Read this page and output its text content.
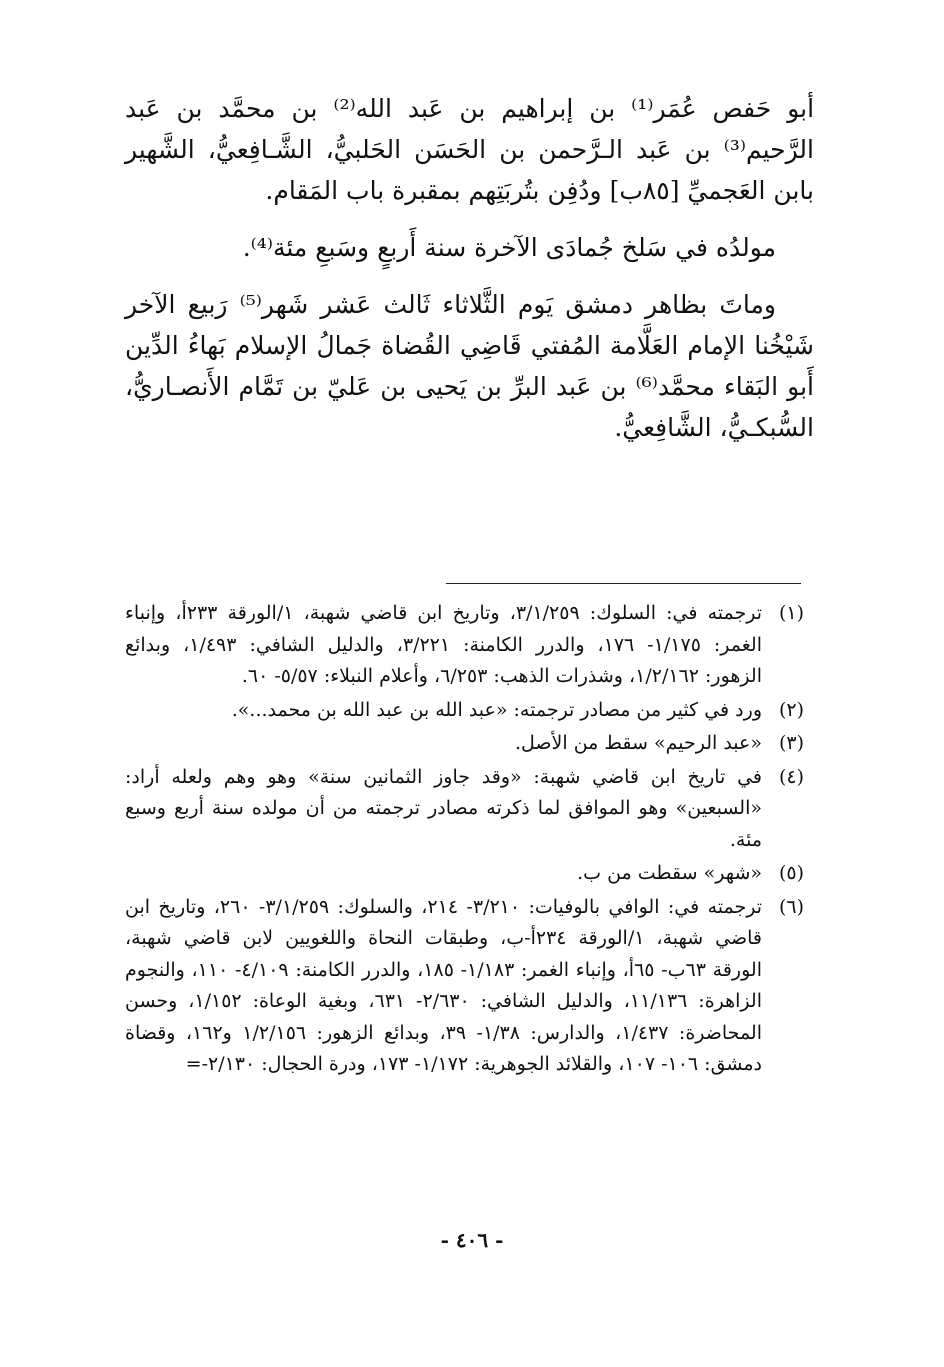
أبو حَفص عُمَر⁽¹⁾ بن إبراهيم بن عَبد الله⁽²⁾ بن محمَّد بن عَبد الرَّحيم⁽³⁾ بن عَبد الـرَّحمن بن الحَسَن الحَلبيُّ، الشَّـافِعيُّ، الشَّهير بابن العَجميِّ [٨٥ب] ودُفِن بتُربَتِهم بمقبرة باب المَقام.

مولدُه في سَلخ جُمادَى الآخرة سنة أَربعٍ وسَبعِ مئة⁽⁴⁾.

وماتَ بظاهر دمشق يَوم الثَّلاثاء ثَالث عَشر شَهر⁽⁵⁾ رَبيع الآخر شَيْخُنا الإمام العَلَّامة المُفتي قَاضِي القُضاة جَمالُ الإسلام بَهاءُ الدِّين أَبو البَقاء محمَّد⁽⁶⁾ بن عَبد البرِّ بن يَحيى بن عَليّ بن تَمَّام الأَنصـاريُّ، السُّبكـيُّ، الشَّافِعيُّ.

(١)ترجمته في: السلوك: ٣/١/٢٥٩، وتاريخ ابن قاضي شهبة، ١/الورقة ٢٣٣أ، وإنباء الغمر: ١/١٧٥- ١٧٦، والدرر الكامنة: ٣/٢٢١، والدليل الشافي: ١/٤٩٣، وبدائع الزهور: ١/٢/١٦٢، وشذرات الذهب: ٦/٢٥٣، وأعلام النبلاء: ٥/٥٧- ٦٠.
(٢)ورد في كثير من مصادر ترجمته: «عبد الله بن عبد الله بن محمد...».
(٣)«عبد الرحيم» سقط من الأصل.
(٤)في تاريخ ابن قاضي شهبة: «وقد جاوز الثمانين سنة» وهو وهم ولعله أراد: «السبعين» وهو الموافق لما ذكرته مصادر ترجمته من أن مولده سنة أربع وسبع مئة.
(٥)«شهر» سقطت من ب.
(٦)ترجمته في: الوافي بالوفيات: ٣/٢١٠- ٢١٤، والسلوك: ٣/١/٢٥٩- ٢٦٠، وتاريخ ابن قاضي شهبة، ١/الورقة ٢٣٤أ-ب، وطبقات النحاة واللغويين لابن قاضي شهبة، الورقة ٦٣ب- ٦٥أ، وإنباء الغمر: ١/١٨٣- ١٨٥، والدرر الكامنة: ٤/١٠٩- ١١٠، والنجوم الزاهرة: ١١/١٣٦، والدليل الشافي: ٢/٦٣٠- ٦٣١، وبغية الوعاة: ١/١٥٢، وحسن المحاضرة: ١/٤٣٧، والدارس: ١/٣٨- ٣٩، وبدائع الزهور: ١/٢/١٥٦ و١٦٢، وقضاة دمشق: ١٠٦- ١٠٧، والقلائد الجوهرية: ١/١٧٢- ١٧٣، ودرة الحجال: ٢/١٣٠-=
- ٤٠٦ -
